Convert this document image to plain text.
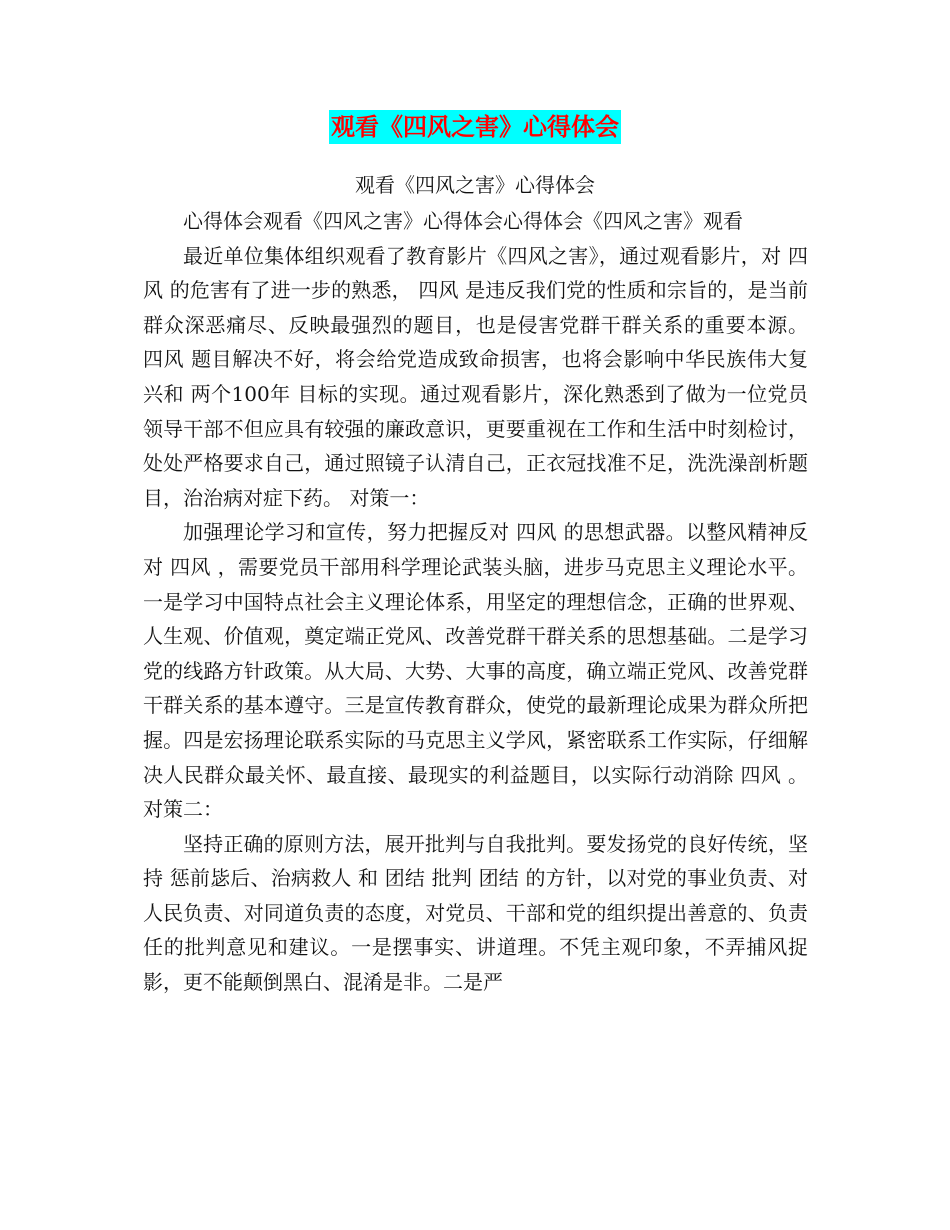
观看《四风之害》心得体会
观看《四风之害》心得体会

心得体会观看《四风之害》心得体会心得体会《四风之害》观看

最近单位集体组织观看了教育影片《四风之害》，通过观看影片，对 四风 的危害有了进一步的熟悉， 四风 是违反我们党的性质和宗旨的，是当前群众深恶痛尽、反映最强烈的题目，也是侵害党群干群关系的重要本源。 四风 题目解决不好，将会给党造成致命损害，也将会影响中华民族伟大复兴和 两个100年 目标的实现。通过观看影片，深化熟悉到了做为一位党员领导干部不但应具有较强的廉政意识，更要重视在工作和生活中时刻检讨，处处严格要求自己，通过照镜子认清自己，正衣冠找准不足，洗洗澡剖析题目，治治病对症下药。 对策一：

加强理论学习和宣传，努力把握反对 四风 的思想武器。以整风精神反对 四风 ，需要党员干部用科学理论武装头脑，进步马克思主义理论水平。一是学习中国特点社会主义理论体系，用坚定的理想信念，正确的世界观、人生观、价值观，奠定端正党风、改善党群干群关系的思想基础。二是学习党的线路方针政策。从大局、大势、大事的高度，确立端正党风、改善党群干群关系的基本遵守。三是宣传教育群众，使党的最新理论成果为群众所把握。四是宏扬理论联系实际的马克思主义学风，紧密联系工作实际，仔细解决人民群众最关怀、最直接、最现实的利益题目，以实际行动消除 四风 。 对策二：

坚持正确的原则方法，展开批判与自我批判。要发扬党的良好传统，坚持 惩前毖后、治病救人 和 团结 批判 团结 的方针，以对党的事业负责、对人民负责、对同道负责的态度，对党员、干部和党的组织提出善意的、负责任的批判意见和建议。一是摆事实、讲道理。不凭主观印象，不弄捕风捉影，更不能颠倒黑白、混淆是非。二是严
